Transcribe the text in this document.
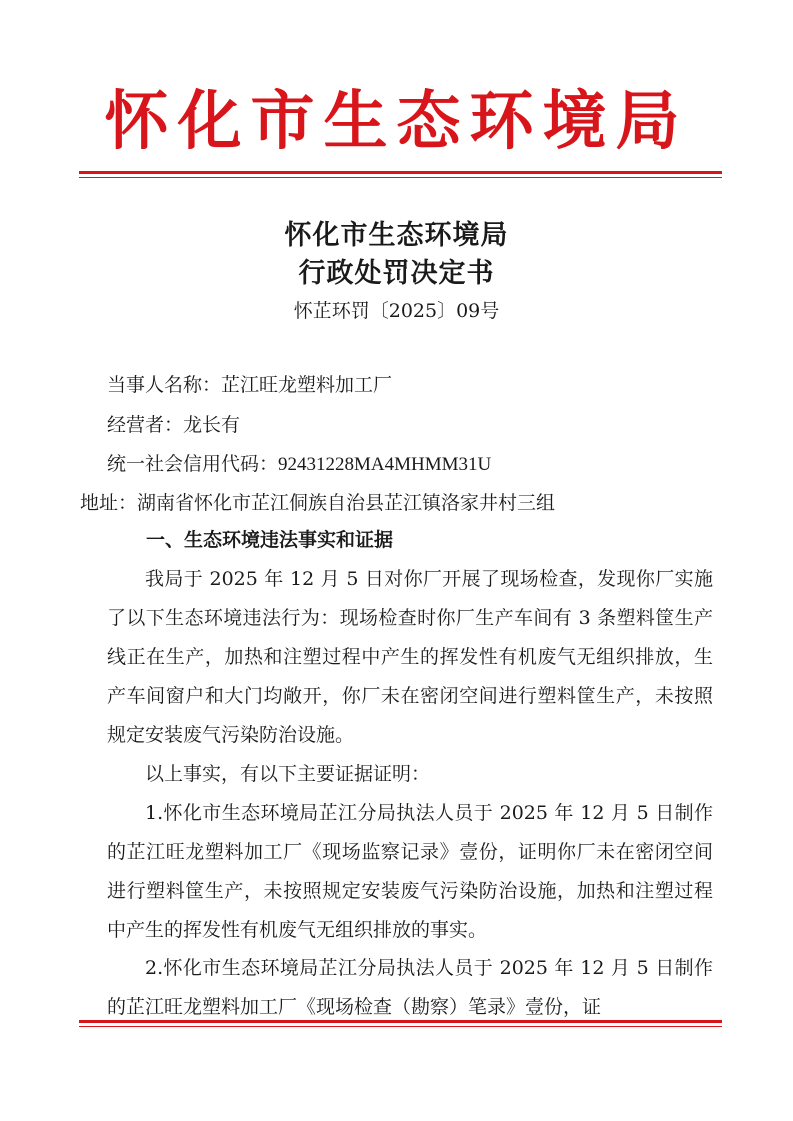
怀化市生态环境局
怀化市生态环境局
行政处罚决定书
怀芷环罚〔2025〕09号
当事人名称：芷江旺龙塑料加工厂
经营者：龙长有
统一社会信用代码：92431228MA4MHMM31U
地址：湖南省怀化市芷江侗族自治县芷江镇洛家井村三组
一、生态环境违法事实和证据
我局于 2025 年 12 月 5 日对你厂开展了现场检查，发现你厂实施了以下生态环境违法行为：现场检查时你厂生产车间有 3 条塑料筐生产线正在生产，加热和注塑过程中产生的挥发性有机废气无组织排放，生产车间窗户和大门均敞开，你厂未在密闭空间进行塑料筐生产，未按照规定安装废气污染防治设施。
以上事实，有以下主要证据证明：
1.怀化市生态环境局芷江分局执法人员于 2025 年 12 月 5 日制作的芷江旺龙塑料加工厂《现场监察记录》壹份，证明你厂未在密闭空间进行塑料筐生产，未按照规定安装废气污染防治设施，加热和注塑过程中产生的挥发性有机废气无组织排放的事实。
2.怀化市生态环境局芷江分局执法人员于 2025 年 12 月 5 日制作的芷江旺龙塑料加工厂《现场检查（勘察）笔录》壹份，证
